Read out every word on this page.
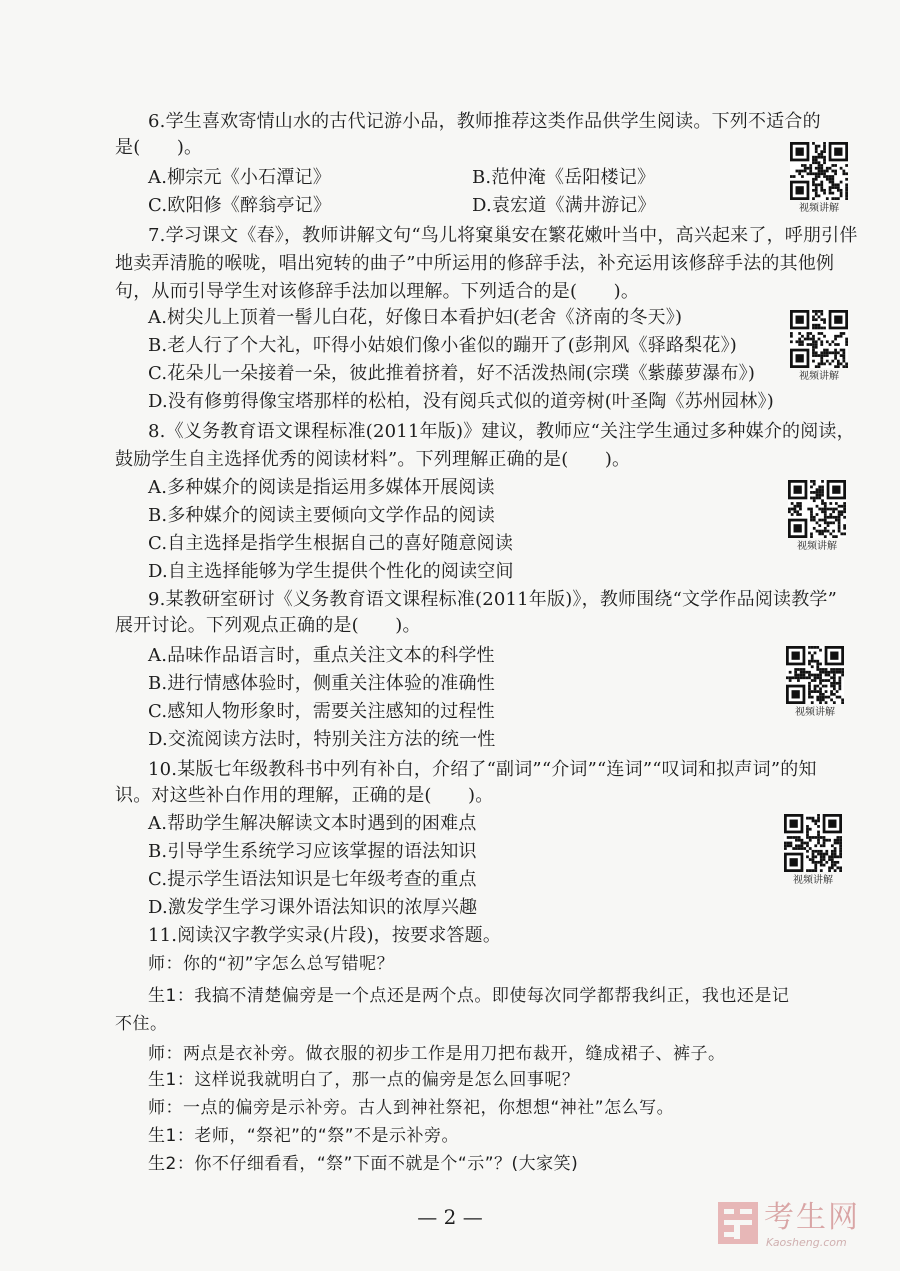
6.学生喜欢寄情山水的古代记游小品，教师推荐这类作品供学生阅读。下列不适合的
是(　　)。
A.柳宗元《小石潭记》	B.范仲淹《岳阳楼记》
C.欧阳修《醉翁亭记》	D.袁宏道《满井游记》
7.学习课文《春》，教师讲解文句“鸟儿将窠巢安在繁花嫩叶当中，高兴起来了，呼朋引伴
地卖弄清脆的喉咙，唱出宛转的曲子”中所运用的修辞手法，补充运用该修辞手法的其他例
句，从而引导学生对该修辞手法加以理解。下列适合的是(　　)。
A.树尖儿上顶着一髻儿白花，好像日本看护妇(老舍《济南的冬天》)
B.老人行了个大礼，吓得小姑娘们像小雀似的蹦开了(彭荆风《驿路梨花》)
C.花朵儿一朵接着一朵，彼此推着挤着，好不活泼热闹(宗璞《紫藤萝瀑布》)
D.没有修剪得像宝塔那样的松柏，没有阅兵式似的道旁树(叶圣陶《苏州园林》)
8.《义务教育语文课程标准(2011年版)》建议，教师应“关注学生通过多种媒介的阅读，
鼓励学生自主选择优秀的阅读材料”。下列理解正确的是(　　)。
A.多种媒介的阅读是指运用多媒体开展阅读
B.多种媒介的阅读主要倾向文学作品的阅读
C.自主选择是指学生根据自己的喜好随意阅读
D.自主选择能够为学生提供个性化的阅读空间
9.某教研室研讨《义务教育语文课程标准(2011年版)》，教师围绕“文学作品阅读教学”
展开讨论。下列观点正确的是(　　)。
A.品味作品语言时，重点关注文本的科学性
B.进行情感体验时，侧重关注体验的准确性
C.感知人物形象时，需要关注感知的过程性
D.交流阅读方法时，特别关注方法的统一性
10.某版七年级教科书中列有补白，介绍了“副词”“介词”“连词”“叹词和拟声词”的知
识。对这些补白作用的理解，正确的是(　　)。
A.帮助学生解决解读文本时遇到的困难点
B.引导学生系统学习应该掌握的语法知识
C.提示学生语法知识是七年级考查的重点
D.激发学生学习课外语法知识的浓厚兴趣
11.阅读汉字教学实录(片段)，按要求答题。
师：你的“初”字怎么总写错呢？
生1：我搞不清楚偏旁是一个点还是两个点。即使每次同学都帮我纠正，我也还是记
不住。
师：两点是衣补旁。做衣服的初步工作是用刀把布裁开，缝成裙子、裤子。
生1：这样说我就明白了，那一点的偏旁是怎么回事呢？
师：一点的偏旁是示补旁。古人到神社祭祀，你想想“神社”怎么写。
生1：老师，“祭祀”的“祭”不是示补旁。
生2：你不仔细看看，“祭”下面不就是个“示”？(大家笑)
视频讲解
视频讲解
视频讲解
视频讲解
视频讲解
— 2 —	考生网
Kaosheng.com
